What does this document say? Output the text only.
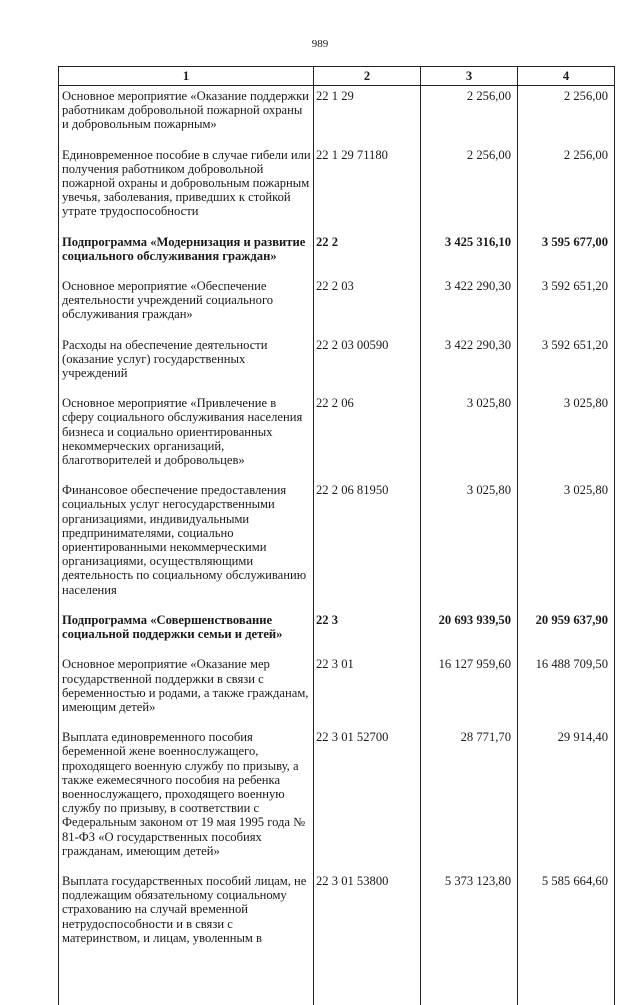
989
1	2	3	4
Основное мероприятие «Оказание поддержки работникам добровольной пожарной охраны и добровольным пожарным»	22 1 29	2 256,00	2 256,00
Единовременное пособие в случае гибели или получения работником добровольной пожарной охраны и добровольным пожарным увечья, заболевания, приведших к стойкой утрате трудоспособности	22 1 29 71180	2 256,00	2 256,00
Подпрограмма «Модернизация и развитие социального обслуживания граждан»	22 2	3 425 316,10	3 595 677,00
Основное мероприятие «Обеспечение деятельности учреждений социального обслуживания граждан»	22 2 03	3 422 290,30	3 592 651,20
Расходы на обеспечение деятельности (оказание услуг) государственных учреждений	22 2 03 00590	3 422 290,30	3 592 651,20
Основное мероприятие «Привлечение в сферу социального обслуживания населения бизнеса и социально ориентированных некоммерческих организаций, благотворителей и добровольцев»	22 2 06	3 025,80	3 025,80
Финансовое обеспечение предоставления социальных услуг негосударственными организациями, индивидуальными предпринимателями, социально ориентированными некоммерческими организациями, осуществляющими деятельность по социальному обслуживанию населения	22 2 06 81950	3 025,80	3 025,80
Подпрограмма «Совершенствование социальной поддержки семьи и детей»	22 3	20 693 939,50	20 959 637,90
Основное мероприятие «Оказание мер государственной поддержки в связи с беременностью и родами, а также гражданам, имеющим детей»	22 3 01	16 127 959,60	16 488 709,50
Выплата единовременного пособия беременной жене военнослужащего, проходящего военную службу по призыву, а также ежемесячного пособия на ребенка военнослужащего, проходящего военную службу по призыву, в соответствии с Федеральным законом от 19 мая 1995 года № 81-ФЗ «О государственных пособиях гражданам, имеющим детей»	22 3 01 52700	28 771,70	29 914,40
Выплата государственных пособий лицам, не подлежащим обязательному социальному страхованию на случай временной нетрудоспособности и в связи с материнством, и лицам, уволенным в	22 3 01 53800	5 373 123,80	5 585 664,60
